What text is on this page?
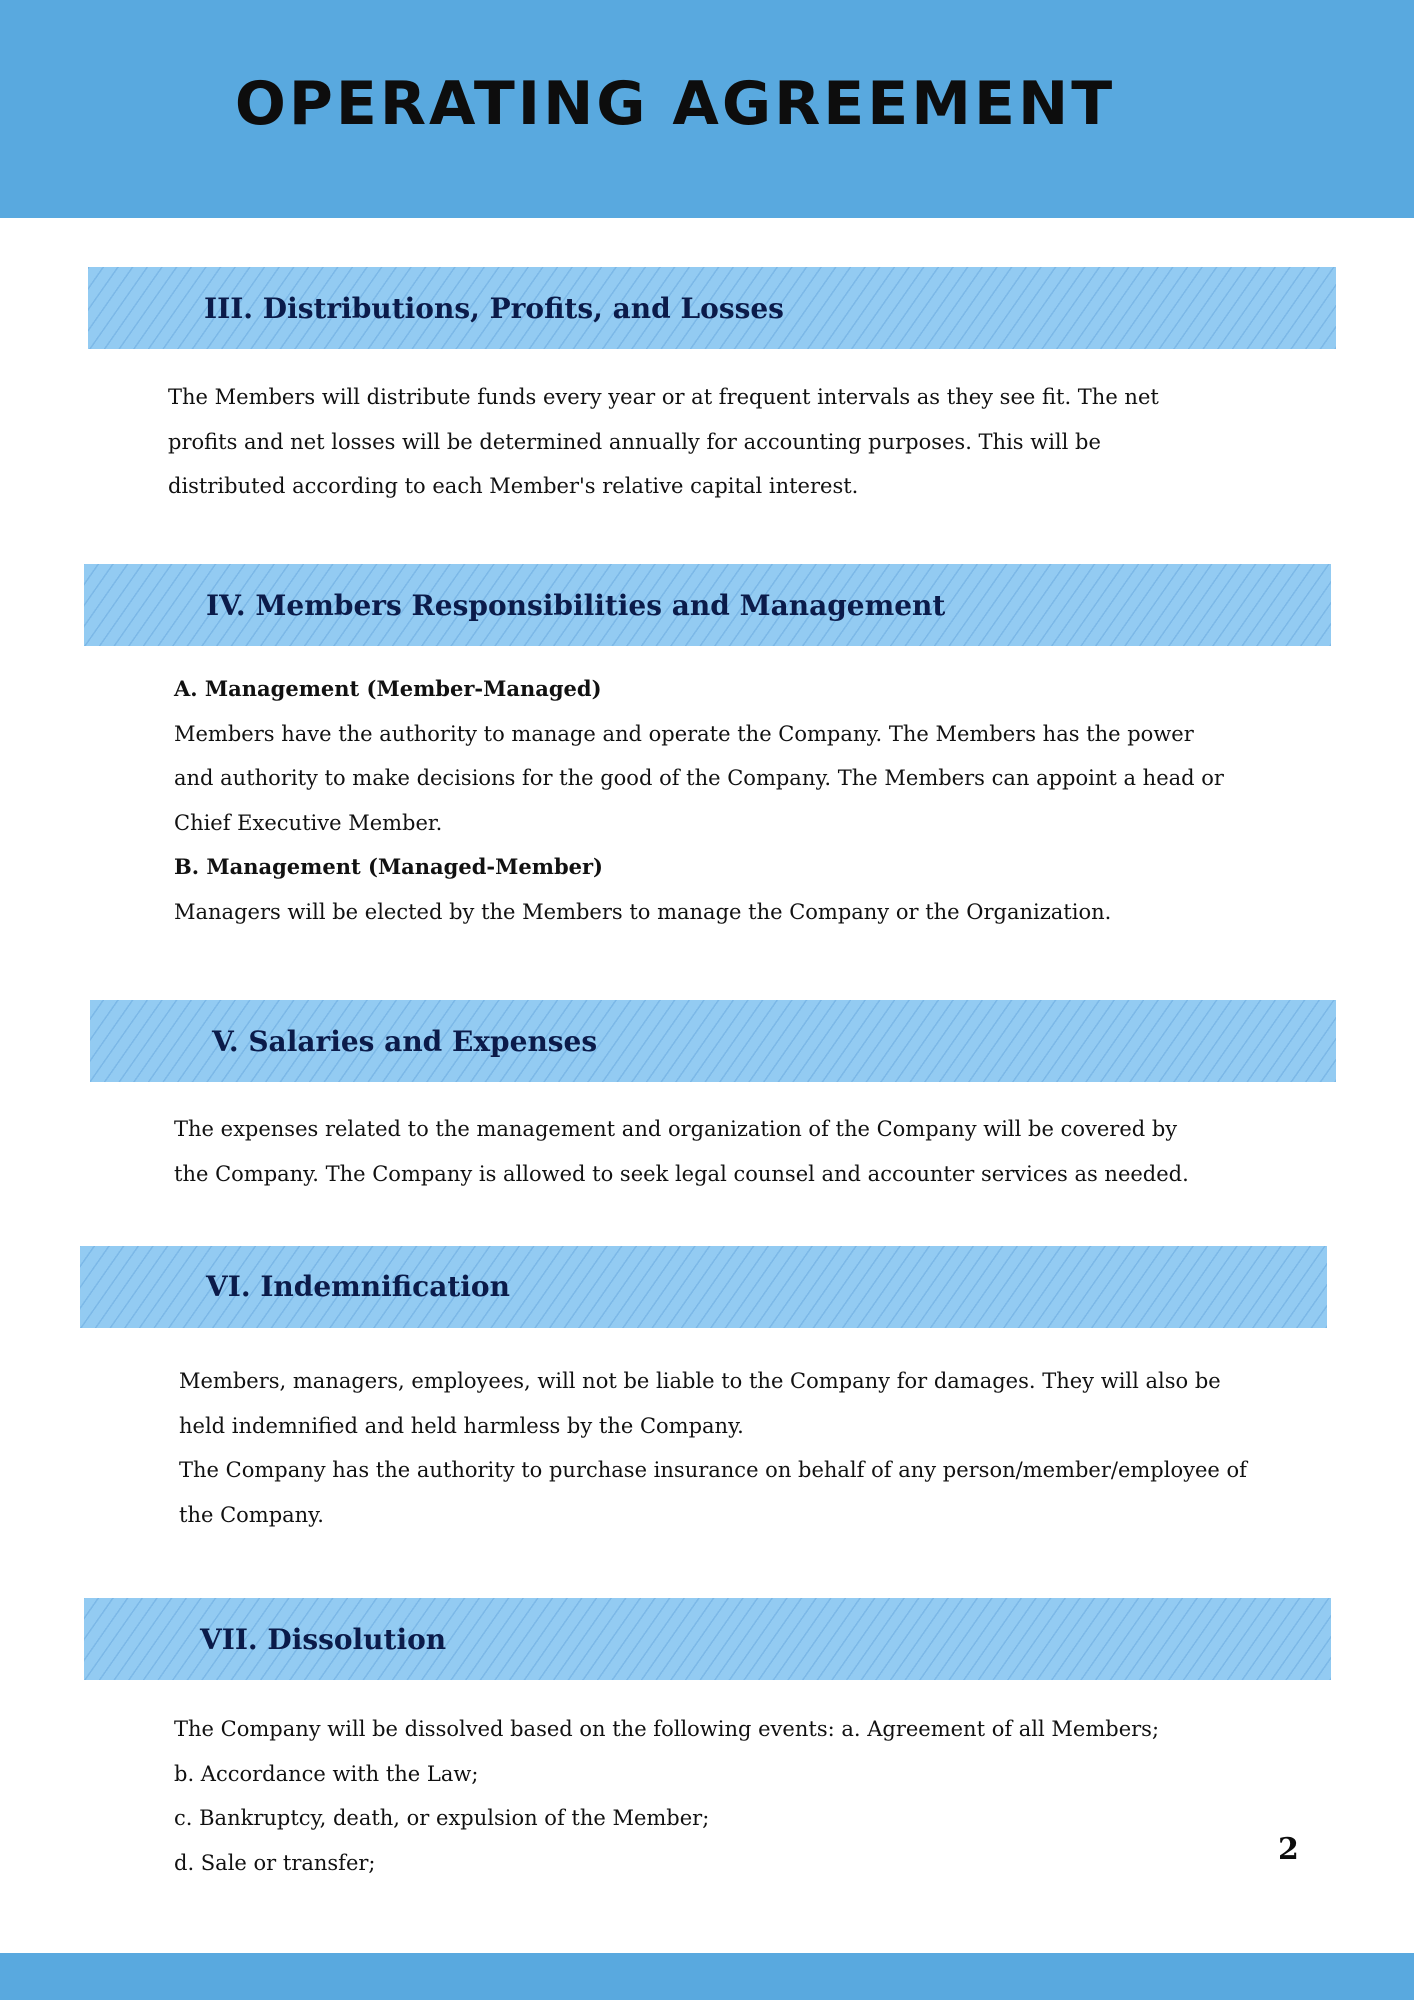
OPERATING AGREEMENT
III. Distributions, Profits, and Losses

The Members will distribute funds every year or at frequent intervals as they see fit. The net profits and net losses will be determined annually for accounting purposes. This will be distributed according to each Member's relative capital interest.

IV. Members Responsibilities and Management

A. Management (Member-Managed)

Members have the authority to manage and operate the Company. The Members has the power and authority to make decisions for the good of the Company. The Members can appoint a head or Chief Executive Member.

B. Management (Managed-Member)

Managers will be elected by the Members to manage the Company or the Organization.

V. Salaries and Expenses

The expenses related to the management and organization of the Company will be covered by the Company. The Company is allowed to seek legal counsel and accounter services as needed.

VI. Indemnification

Members, managers, employees, will not be liable to the Company for damages. They will also be held indemnified and held harmless by the Company.

The Company has the authority to purchase insurance on behalf of any person/member/employee of the Company.

VII. Dissolution

The Company will be dissolved based on the following events: a. Agreement of all Members;

b. Accordance with the Law;

c. Bankruptcy, death, or expulsion of the Member;

d. Sale or transfer;	2
